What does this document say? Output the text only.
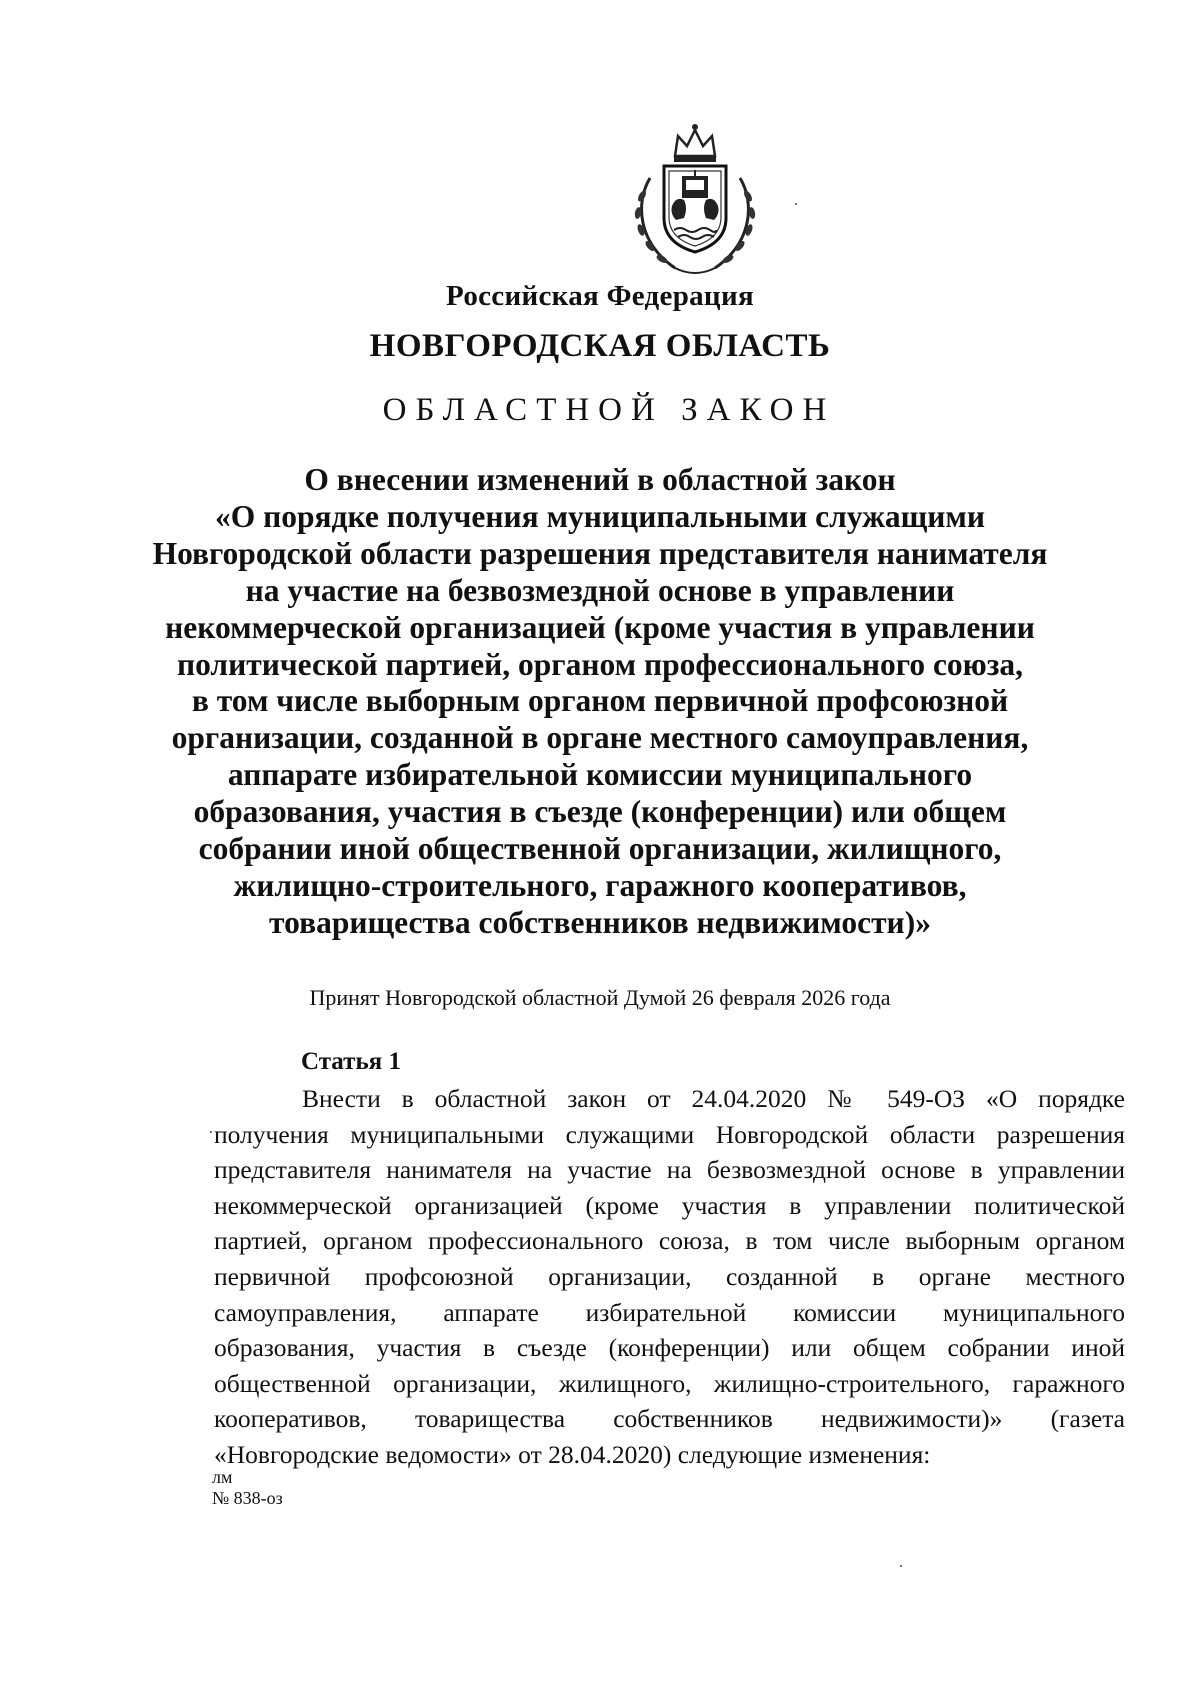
Российская Федерация
НОВГОРОДСКАЯ ОБЛАСТЬ
ОБЛАСТНОЙ ЗАКОН
О внесении изменений в областной закон
«О порядке получения муниципальными служащими
Новгородской области разрешения представителя нанимателя
на участие на безвозмездной основе в управлении
некоммерческой организацией (кроме участия в управлении
политической партией, органом профессионального союза,
в том числе выборным органом первичной профсоюзной
организации, созданной в органе местного самоуправления,
аппарате избирательной комиссии муниципального
образования, участия в съезде (конференции) или общем
собрании иной общественной организации, жилищного,
жилищно-строительного, гаражного кооперативов,
товарищества собственников недвижимости)»
Принят Новгородской областной Думой 26 февраля 2026 года
Статья 1
Внести в областной закон от 24.04.2020 № 549-ОЗ «О порядке
получения муниципальными служащими Новгородской области разрешения
представителя нанимателя на участие на безвозмездной основе в управлении
некоммерческой организацией (кроме участия в управлении политической
партией, органом профессионального союза, в том числе выборным органом
первичной профсоюзной организации, созданной в органе местного
самоуправления, аппарате избирательной комиссии муниципального
образования, участия в съезде (конференции) или общем собрании иной
общественной организации, жилищного, жилищно-строительного, гаражного
кооперативов, товарищества собственников недвижимости)» (газета
«Новгородские ведомости» от 28.04.2020) следующие изменения:
лм
№ 838-оз
